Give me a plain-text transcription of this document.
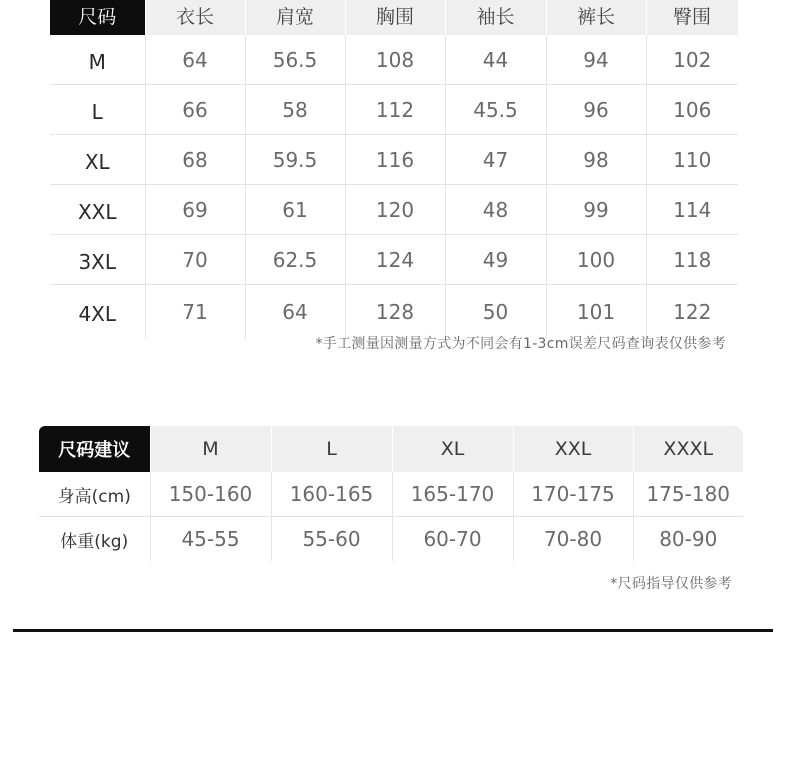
尺码	衣长	肩宽	胸围	袖长	裤长	臀围
M	64	56.5	108	44	94	102
L	66	58	112	45.5	96	106
XL	68	59.5	116	47	98	110
XXL	69	61	120	48	99	114
3XL	70	62.5	124	49	100	118
4XL	71	64	128	50	101	122
*手工测量因测量方式为不同会有1-3cm误差尺码查询表仅供参考
尺码建议	M	L	XL	XXL	XXXL
身高(cm)	150-160	160-165	165-170	170-175	175-180
体重(kg)	45-55	55-60	60-70	70-80	80-90
*尺码指导仅供参考
